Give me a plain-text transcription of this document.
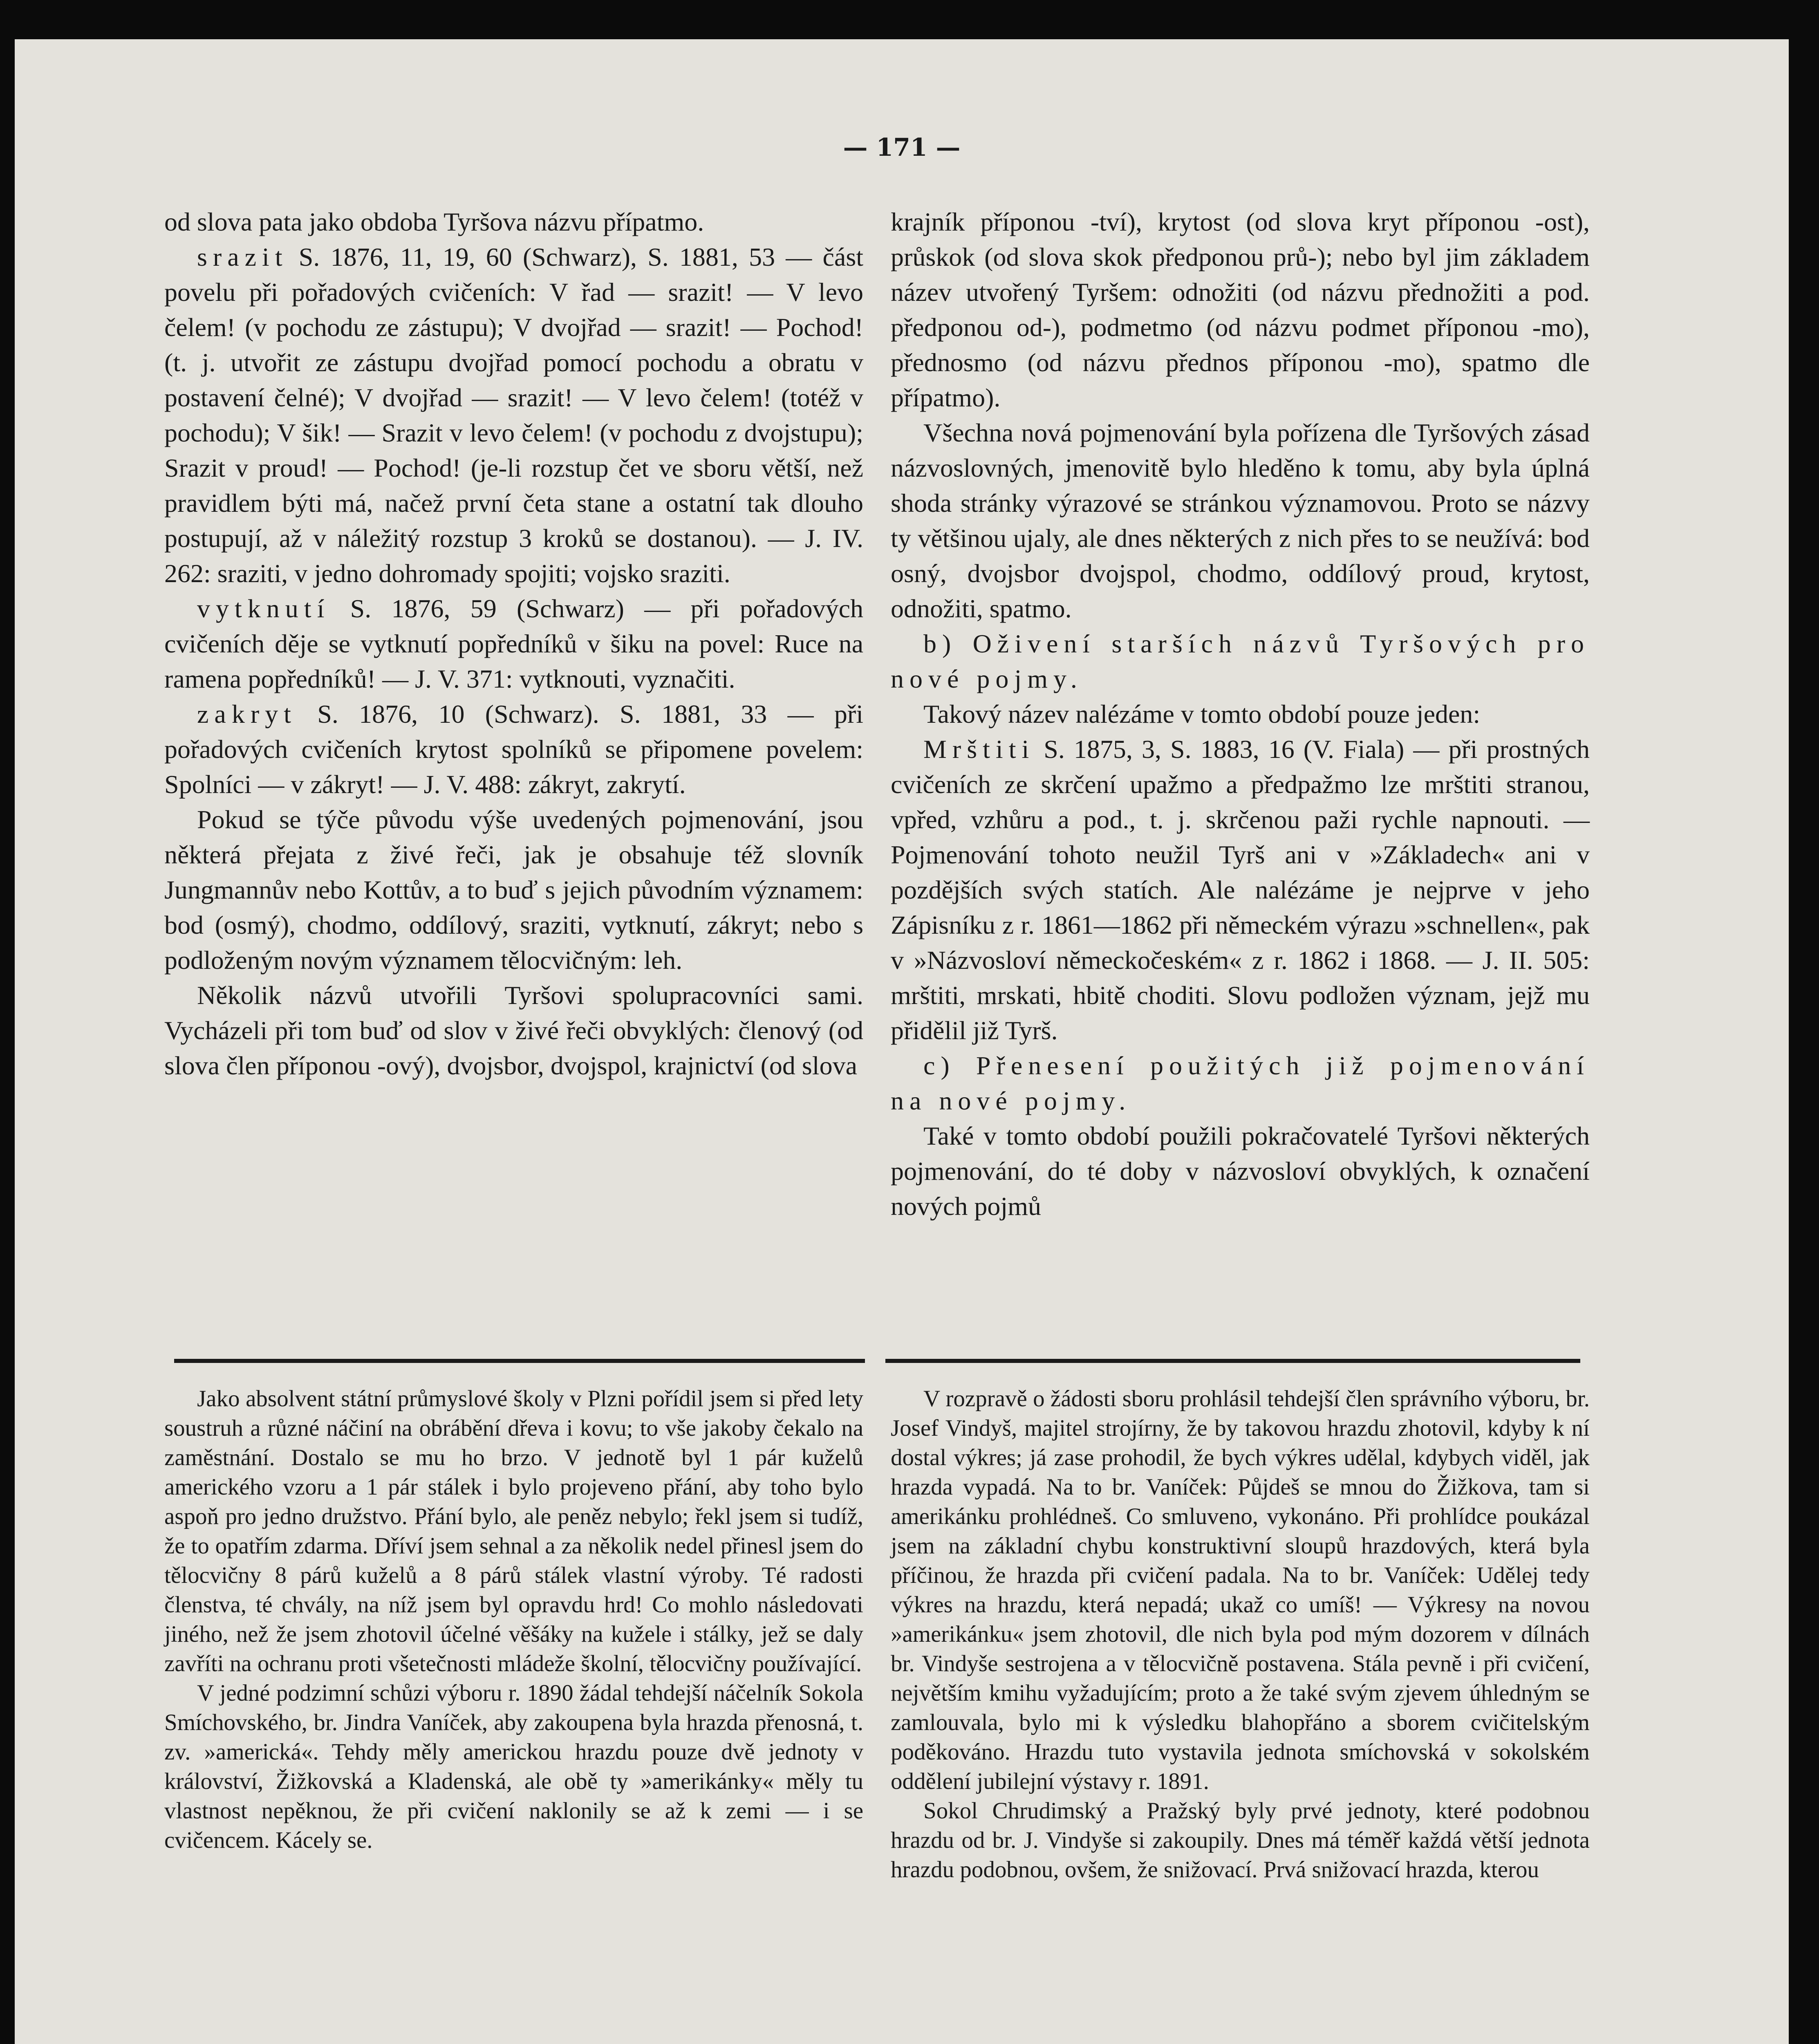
— 171 —

od slova pata jako obdoba Tyršova názvu přípatmo.

srazit S. 1876, 11, 19, 60 (Schwarz), S. 1881, 53 — část povelu při pořadových cvičeních: V řad — srazit! — V levo čelem! (v pochodu ze zástupu); V dvojřad — srazit! — Pochod! (t. j. utvořit ze zástupu dvojřad pomocí pochodu a obratu v postavení čelné); V dvojřad — srazit! — V levo čelem! (totéž v pochodu); V šik! — Srazit v levo čelem! (v pochodu z dvojstupu); Srazit v proud! — Pochod! (je-li rozstup čet ve sboru větší, než pravidlem býti má, načež první četa stane a ostatní tak dlouho postupují, až v náležitý rozstup 3 kroků se dostanou). — J. IV. 262: sraziti, v jedno dohromady spojiti; vojsko sraziti.

vytknutí S. 1876, 59 (Schwarz) — při pořadových cvičeních děje se vytknutí popředníků v šiku na povel: Ruce na ramena popředníků! — J. V. 371: vytknouti, vyznačiti.

zakryt S. 1876, 10 (Schwarz). S. 1881, 33 — při pořadových cvičeních krytost spolníků se připomene povelem: Spolníci — v zákryt! — J. V. 488: zákryt, zakrytí.

Pokud se týče původu výše uvedených pojmenování, jsou některá přejata z živé řeči, jak je obsahuje též slovník Jungmannův nebo Kottův, a to buď s jejich původním významem: bod (osmý), chodmo, oddílový, sraziti, vytknutí, zákryt; nebo s podloženým novým významem tělocvičným: leh.

Několik názvů utvořili Tyršovi spolupracovníci sami. Vycházeli při tom buď od slov v živé řeči obvyklých: členový (od slova člen příponou -ový), dvojsbor, dvojspol, krajnictví (od slova

krajník příponou -tví), krytost (od slova kryt příponou -ost), průskok (od slova skok předponou prů-); nebo byl jim základem název utvořený Tyršem: odnožiti (od názvu přednožiti a pod. předponou od-), podmetmo (od názvu podmet příponou -mo), přednosmo (od názvu přednos příponou -mo), spatmo dle přípatmo).

Všechna nová pojmenování byla pořízena dle Tyršových zásad názvoslovných, jmenovitě bylo hleděno k tomu, aby byla úplná shoda stránky výrazové se stránkou významovou. Proto se názvy ty většinou ujaly, ale dnes některých z nich přes to se neužívá: bod osný, dvojsbor dvojspol, chodmo, oddílový proud, krytost, odnožiti, spatmo.

b) Oživení starších názvů Tyršových pro nové pojmy.

Takový název nalézáme v tomto období pouze jeden:

Mrštiti S. 1875, 3, S. 1883, 16 (V. Fiala) — při prostných cvičeních ze skrčení upažmo a předpažmo lze mrštiti stranou, vpřed, vzhůru a pod., t. j. skrčenou paži rychle napnouti. — Pojmenování tohoto neužil Tyrš ani v »Základech« ani v pozdějších svých statích. Ale nalézáme je nejprve v jeho Zápisníku z r. 1861—1862 při německém výrazu »schnellen«, pak v »Názvosloví německočeském« z r. 1862 i 1868. — J. II. 505: mrštiti, mrskati, hbitě choditi. Slovu podložen význam, jejž mu přidělil již Tyrš.

c) Přenesení použitých již pojmenování na nové pojmy.

Také v tomto období použili pokračovatelé Tyršovi některých pojmenování, do té doby v názvosloví obvyklých, k označení nových pojmů

Jako absolvent státní průmyslové školy v Plzni pořídil jsem si před lety soustruh a různé náčiní na obrábění dřeva i kovu; to vše jakoby čekalo na zaměstnání. Dostalo se mu ho brzo. V jednotě byl 1 pár kuželů amerického vzoru a 1 pár stálek i bylo projeveno přání, aby toho bylo aspoň pro jedno družstvo. Přání bylo, ale peněz nebylo; řekl jsem si tudíž, že to opatřím zdarma. Dříví jsem sehnal a za několik nedel přinesl jsem do tělocvičny 8 párů kuželů a 8 párů stálek vlastní výroby. Té radosti členstva, té chvály, na níž jsem byl opravdu hrd! Co mohlo následovati jiného, než že jsem zhotovil účelné věšáky na kužele i stálky, jež se daly zavříti na ochranu proti všetečnosti mládeže školní, tělocvičny používající.

V jedné podzimní schůzi výboru r. 1890 žádal tehdejší náčelník Sokola Smíchovského, br. Jindra Vaníček, aby zakoupena byla hrazda přenosná, t. zv. »americká«. Tehdy měly americkou hrazdu pouze dvě jednoty v království, Žižkovská a Kladenská, ale obě ty »amerikánky« měly tu vlastnost nepěknou, že při cvičení naklonily se až k zemi — i se cvičencem. Kácely se.

V rozpravě o žádosti sboru prohlásil tehdejší člen správního výboru, br. Josef Vindyš, majitel strojírny, že by takovou hrazdu zhotovil, kdyby k ní dostal výkres; já zase prohodil, že bych výkres udělal, kdybych viděl, jak hrazda vypadá. Na to br. Vaníček: Půjdeš se mnou do Žižkova, tam si amerikánku prohlédneš. Co smluveno, vykonáno. Při prohlídce poukázal jsem na základní chybu konstruktivní sloupů hrazdových, která byla příčinou, že hrazda při cvičení padala. Na to br. Vaníček: Udělej tedy výkres na hrazdu, která nepadá; ukaž co umíš! — Výkresy na novou »amerikánku« jsem zhotovil, dle nich byla pod mým dozorem v dílnách br. Vindyše sestrojena a v tělocvičně postavena. Stála pevně i při cvičení, největším kmihu vyžadujícím; proto a že také svým zjevem úhledným se zamlouvala, bylo mi k výsledku blahopřáno a sborem cvičitelským poděkováno. Hrazdu tuto vystavila jednota smíchovská v sokolském oddělení jubilejní výstavy r. 1891.

Sokol Chrudimský a Pražský byly prvé jednoty, které podobnou hrazdu od br. J. Vindyše si zakoupily. Dnes má téměř každá větší jednota hrazdu podobnou, ovšem, že snižovací. Prvá snižovací hrazda, kterou
